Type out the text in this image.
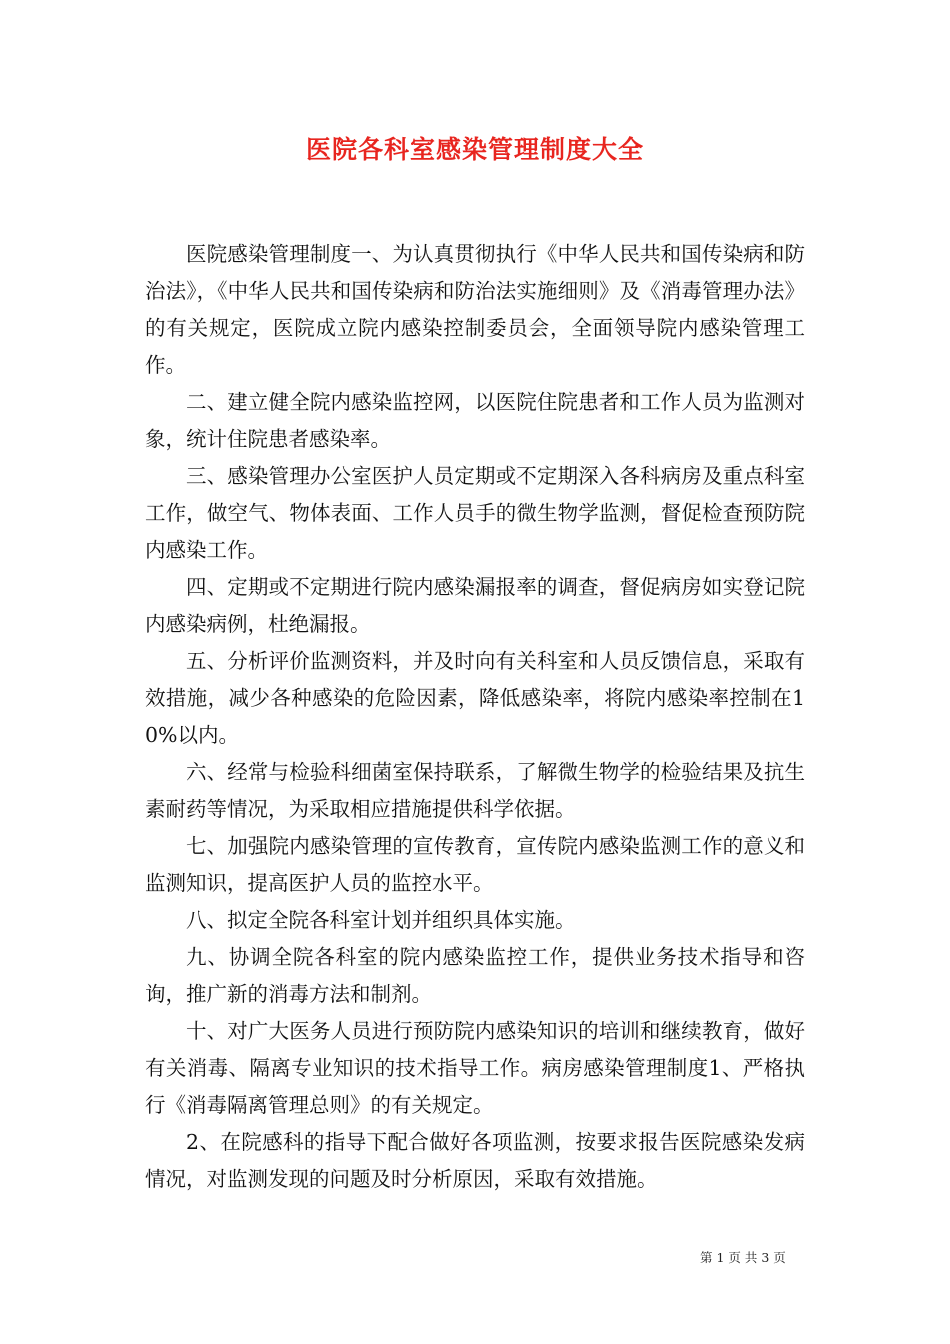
医院各科室感染管理制度大全

医院感染管理制度一、为认真贯彻执行《中华人民共和国传染病和防治法》，《中华人民共和国传染病和防治法实施细则》及《消毒管理办法》的有关规定，医院成立院内感染控制委员会，全面领导院内感染管理工作。

二、建立健全院内感染监控网，以医院住院患者和工作人员为监测对象，统计住院患者感染率。

三、感染管理办公室医护人员定期或不定期深入各科病房及重点科室工作，做空气、物体表面、工作人员手的微生物学监测，督促检查预防院内感染工作。

四、定期或不定期进行院内感染漏报率的调查，督促病房如实登记院内感染病例，杜绝漏报。

五、分析评价监测资料，并及时向有关科室和人员反馈信息，采取有效措施，减少各种感染的危险因素，降低感染率，将院内感染率控制在10%以内。

六、经常与检验科细菌室保持联系，了解微生物学的检验结果及抗生素耐药等情况，为采取相应措施提供科学依据。

七、加强院内感染管理的宣传教育，宣传院内感染监测工作的意义和监测知识，提高医护人员的监控水平。

八、拟定全院各科室计划并组织具体实施。

九、协调全院各科室的院内感染监控工作，提供业务技术指导和咨询，推广新的消毒方法和制剂。

十、对广大医务人员进行预防院内感染知识的培训和继续教育，做好有关消毒、隔离专业知识的技术指导工作。病房感染管理制度1、严格执行《消毒隔离管理总则》的有关规定。

2、在院感科的指导下配合做好各项监测，按要求报告医院感染发病情况，对监测发现的问题及时分析原因，采取有效措施。

第 1 页 共 3 页
